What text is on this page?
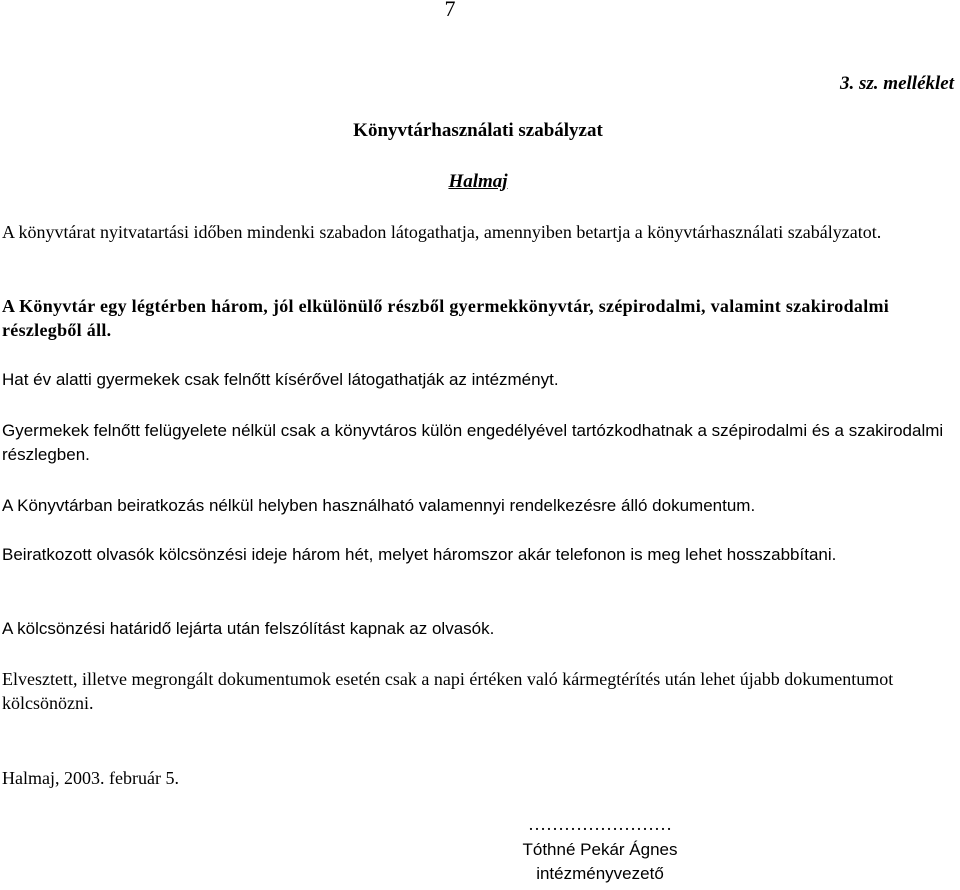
7
3. sz. melléklet
Könyvtárhasználati szabályzat
Halmaj

A könyvtárat nyitvatartási időben mindenki szabadon látogathatja, amennyiben betartja a könyvtárhasználati szabályzatot.

A Könyvtár egy légtérben három, jól elkülönülő részből gyermekkönyvtár, szépirodalmi, valamint szakirodalmi részlegből áll.

Hat év alatti gyermekek csak felnőtt kísérővel látogathatják az intézményt.

Gyermekek felnőtt felügyelete nélkül csak a könyvtáros külön engedélyével tartózkodhatnak a szépirodalmi és a szakirodalmi részlegben.

A Könyvtárban beiratkozás nélkül helyben használható valamennyi rendelkezésre álló dokumentum.

Beiratkozott olvasók kölcsönzési ideje három hét, melyet háromszor akár telefonon is meg lehet hosszabbítani.

A kölcsönzési határidő lejárta után felszólítást kapnak az olvasók.

Elvesztett, illetve megrongált dokumentumok esetén csak a napi értéken való kármegtérítés után lehet újabb dokumentumot kölcsönözni.

Halmaj, 2003. február 5.

……………………
Tóthné Pekár Ágnes
intézményvezető
